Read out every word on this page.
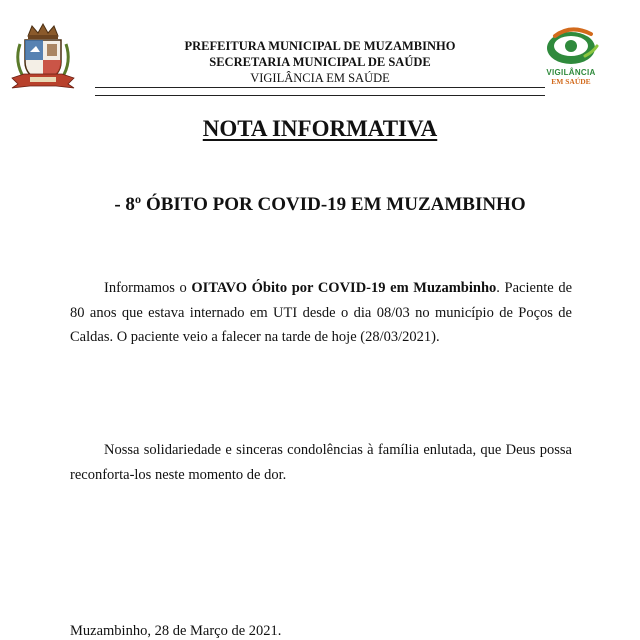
PREFEITURA MUNICIPAL DE MUZAMBINHO
SECRETARIA MUNICIPAL DE SAÚDE
VIGILÂNCIA EM SAÚDE	VIGILÂNCIA
EM SAÚDE
NOTA INFORMATIVA
- 8º ÓBITO POR COVID-19 EM MUZAMBINHO
Informamos o OITAVO Óbito por COVID-19 em Muzambinho. Paciente de 80 anos que estava internado em UTI desde o dia 08/03 no município de Poços de Caldas. O paciente veio a falecer na tarde de hoje (28/03/2021).
Nossa solidariedade e sinceras condolências à família enlutada, que Deus possa reconforta-los neste momento de dor.
Muzambinho, 28 de Março de 2021.
